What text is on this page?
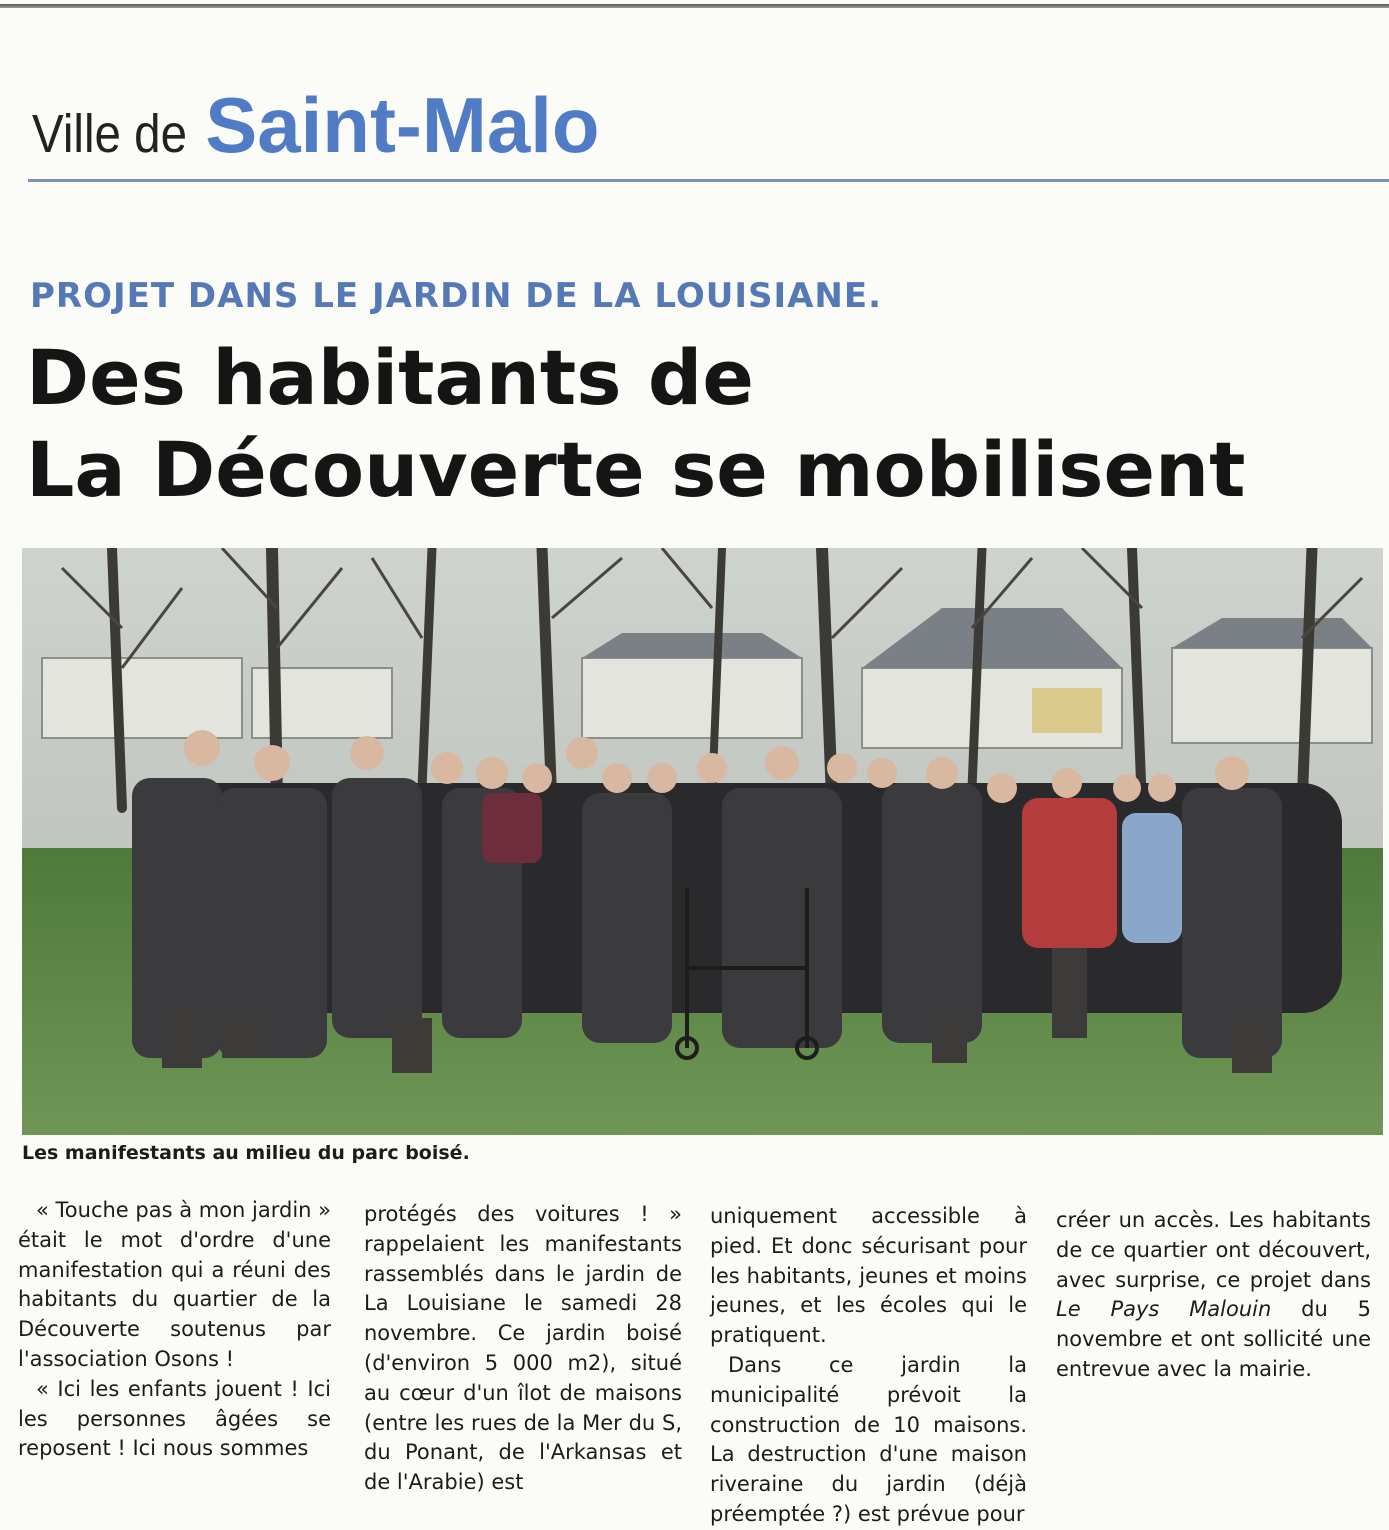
Ville de Saint-Malo
PROJET DANS LE JARDIN DE LA LOUISIANE.
Des habitants de
La Découverte se mobilisent
Les manifestants au milieu du parc boisé.

« Touche pas à mon jardin » était le mot d'ordre d'une manifestation qui a réuni des habitants du quartier de la Découverte soutenus par l'association Osons !

« Ici les enfants jouent ! Ici les personnes âgées se reposent ! Ici nous sommes

protégés des voitures ! » rappelaient les manifestants rassemblés dans le jardin de La Louisiane le samedi 28 novembre. Ce jardin boisé (d'environ 5 000 m2), situé au cœur d'un îlot de maisons (entre les rues de la Mer du S, du Ponant, de l'Arkansas et de l'Arabie) est

uniquement accessible à pied. Et donc sécurisant pour les habitants, jeunes et moins jeunes, et les écoles qui le pratiquent.

Dans ce jardin la municipalité prévoit la construction de 10 maisons. La destruction d'une maison riveraine du jardin (déjà préemptée ?) est prévue pour

créer un accès. Les habitants de ce quartier ont découvert, avec surprise, ce projet dans Le Pays Malouin du 5 novembre et ont sollicité une entrevue avec la mairie.
